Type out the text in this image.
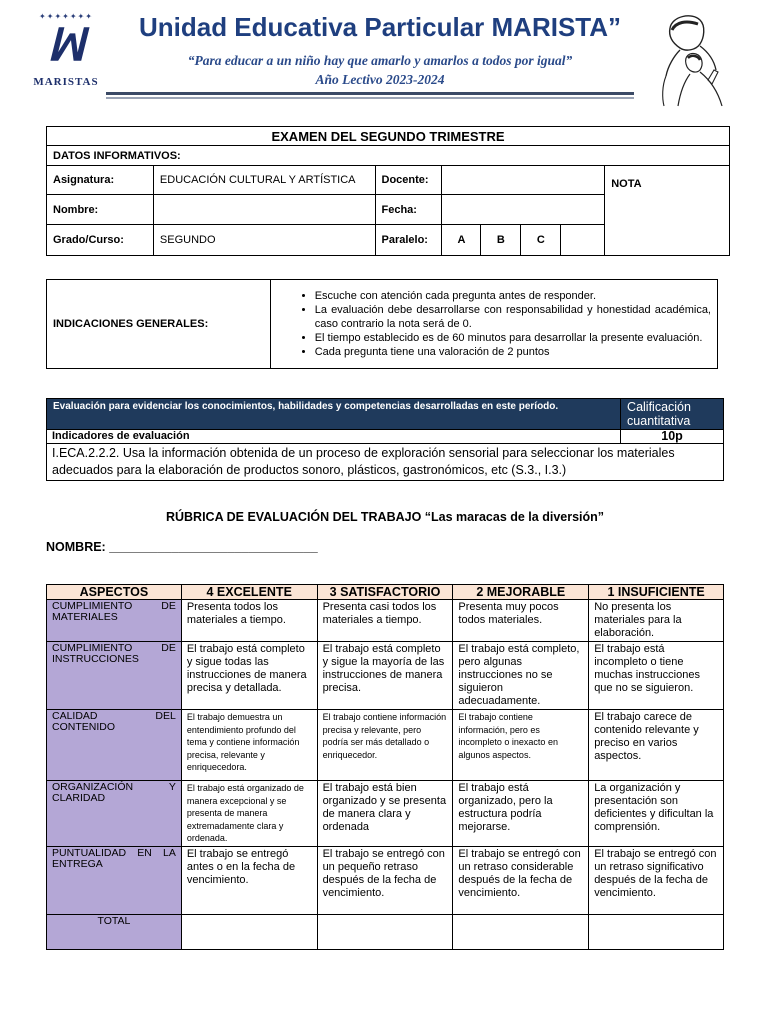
✦✦✦✦✦✦✦
ꟽ
MARISTAS
Unidad Educativa Particular MARISTA”
“Para educar a un niño hay que amarlo y amarlos a todos por igual”
Año Lectivo 2023-2024
EXAMEN DEL SEGUNDO TRIMESTRE							
DATOS INFORMATIVOS:							
Asignatura:	EDUCACIÓN CULTURAL Y ARTÍSTICA	Docente:					NOTA
Nombre:		Fecha:					
Grado/Curso:	SEGUNDO	Paralelo:	A	B	C		
INDICACIONES GENERALES:	
• Escuche con atención cada pregunta antes de responder.
• La evaluación debe desarrollarse con responsabilidad y honestidad académica, caso contrario la nota será de 0.
• El tiempo establecido es de 60 minutos para desarrollar la presente evaluación.
• Cada pregunta tiene una valoración de 2 puntos
Evaluación para evidenciar los conocimientos, habilidades y competencias desarrolladas en este período.	Calificación cuantitativa
Indicadores de evaluación	10p
I.ECA.2.2.2. Usa la información obtenida de un proceso de exploración sensorial para seleccionar los materiales adecuados para la elaboración de productos sonoro, plásticos, gastronómicos, etc (S.3., I.3.)	
RÚBRICA DE EVALUACIÓN DEL TRABAJO “Las maracas de la diversión”
NOMBRE: ______________________________
ASPECTOS	4 EXCELENTE	3 SATISFACTORIO	2 MEJORABLE	1 INSUFICIENTE
CUMPLIMIENTO DE MATERIALES	Presenta todos los materiales a tiempo.	Presenta casi todos los materiales a tiempo.	Presenta muy pocos todos materiales.	No presenta los materiales para la elaboración.
CUMPLIMIENTO DE INSTRUCCIONES	El trabajo está completo y sigue todas las instrucciones de manera precisa y detallada.	El trabajo está completo y sigue la mayoría de las instrucciones de manera precisa.	El trabajo está completo, pero algunas instrucciones no se siguieron adecuadamente.	El trabajo está incompleto o tiene muchas instrucciones que no se siguieron.
CALIDAD DEL CONTENIDO	El trabajo demuestra un entendimiento profundo del tema y contiene información precisa, relevante y enriquecedora.	El trabajo contiene información precisa y relevante, pero podría ser más detallado o enriquecedor.	El trabajo contiene información, pero es incompleto o inexacto en algunos aspectos.	El trabajo carece de contenido relevante y preciso en varios aspectos.
ORGANIZACIÓN Y CLARIDAD	El trabajo está organizado de manera excepcional y se presenta de manera extremadamente clara y ordenada.	El trabajo está bien organizado y se presenta de manera clara y ordenada	El trabajo está organizado, pero la estructura podría mejorarse.	La organización y presentación son deficientes y dificultan la comprensión.
PUNTUALIDAD EN LA ENTREGA	El trabajo se entregó antes o en la fecha de vencimiento.	El trabajo se entregó con un pequeño retraso después de la fecha de vencimiento.	El trabajo se entregó con un retraso considerable después de la fecha de vencimiento.	El trabajo se entregó con un retraso significativo después de la fecha de vencimiento.
TOTAL				
